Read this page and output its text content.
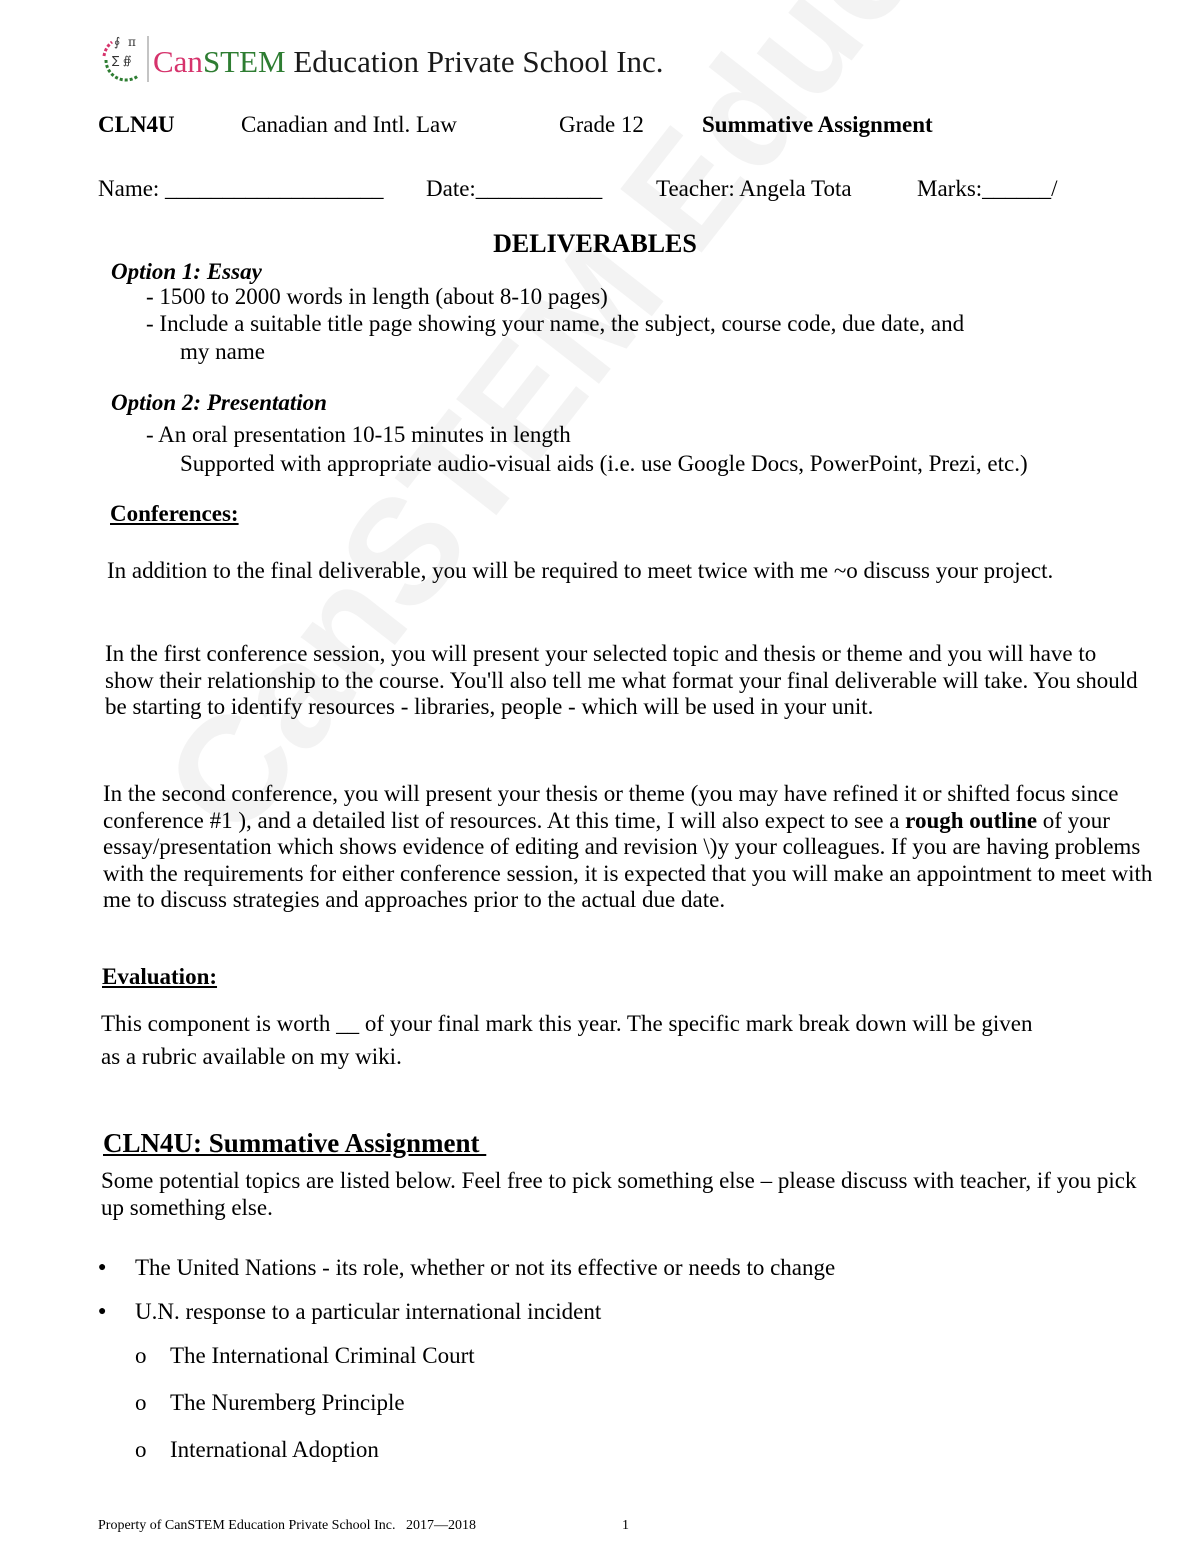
∮ π
∑ ∯ CanSTEM Education Private School Inc.
CLN4U	Canadian and Intl. Law	Grade 12	Summative Assignment
Name: ___________________ Date:___________ Teacher: Angela Tota	Marks:______/
DELIVERABLES
Option 1: Essay
- 1500 to 2000 words in length (about 8-10 pages)
- Include a suitable title page showing your name, the subject, course code, due date, and
my name
Option 2: Presentation
- An oral presentation 10-15 minutes in length
Supported with appropriate audio-visual aids (i.e. use Google Docs, PowerPoint, Prezi, etc.)
Conferences:
In addition to the final deliverable, you will be required to meet twice with me ~o discuss your project.
In the first conference session, you will present your selected topic and thesis or theme and you will have to show their relationship to the course. You'll also tell me what format your final deliverable will take. You should be starting to identify resources - libraries, people - which will be used in your unit.
In the second conference, you will present your thesis or theme (you may have refined it or shifted focus since conference #1 ), and a detailed list of resources. At this time, I will also expect to see a rough outline of your essay/presentation which shows evidence of editing and revision \)y your colleagues. If you are having problems with the requirements for either conference session, it is expected that you will make an appointment to meet with me to discuss strategies and approaches prior to the actual due date.
Evaluation:
This component is worth __ of your final mark this year. The specific mark break down will be given
as a rubric available on my wiki.
CLN4U: Summative Assignment
Some potential topics are listed below. Feel free to pick something else – please discuss with teacher, if you pick up something else.
● The United Nations - its role, whether or not its effective or needs to change
● U.N. response to a particular international incident
o The International Criminal Court
o The Nuremberg Principle
o International Adoption
Property of CanSTEM Education Private School Inc.   2017—2018	1
